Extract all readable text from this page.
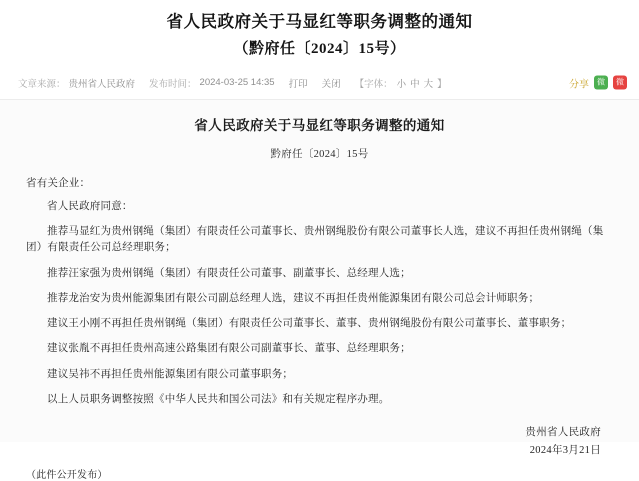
省人民政府关于马显红等职务调整的通知
（黔府任〔2024〕15号）
文章来源： 贵州省人民政府 发布时间： 2024-03-25 14:35 打印 关闭 【字体： 小 中 大 】	分享	微	微
省人民政府关于马显红等职务调整的通知
黔府任〔2024〕15号
省有关企业：

省人民政府同意：

推荐马显红为贵州钢绳（集团）有限责任公司董事长、贵州钢绳股份有限公司董事长人选，建议不再担任贵州钢绳（集团）有限责任公司总经理职务；

推荐汪家强为贵州钢绳（集团）有限责任公司董事、副董事长、总经理人选；

推荐龙治安为贵州能源集团有限公司副总经理人选，建议不再担任贵州能源集团有限公司总会计师职务；

建议王小刚不再担任贵州钢绳（集团）有限责任公司董事长、董事、贵州钢绳股份有限公司董事长、董事职务；

建议张胤不再担任贵州高速公路集团有限公司副董事长、董事、总经理职务；

建议吴祎不再担任贵州能源集团有限公司董事职务；

以上人员职务调整按照《中华人民共和国公司法》和有关规定程序办理。

贵州省人民政府
2024年3月21日
（此件公开发布）
